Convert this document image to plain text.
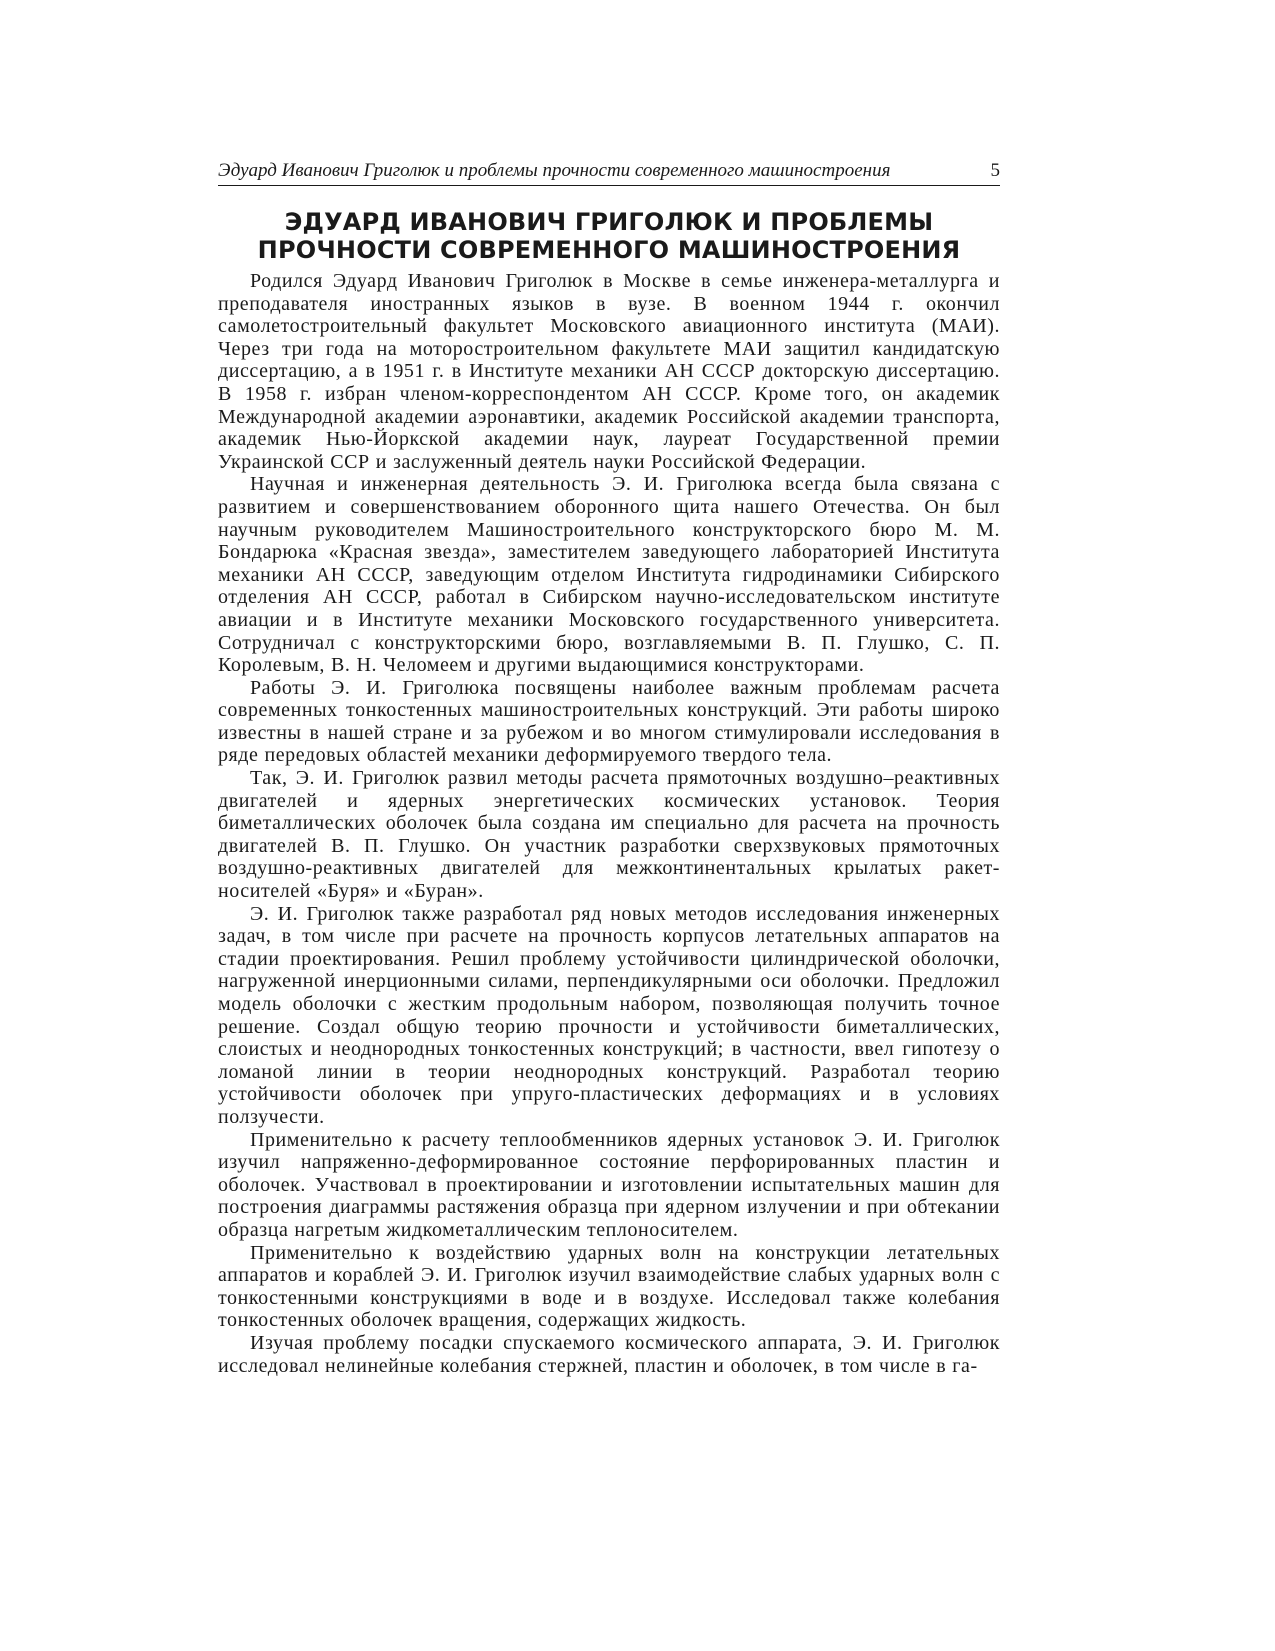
Эдуард Иванович Григолюк и проблемы прочности современного машиностроения	5
ЭДУАРД ИВАНОВИЧ ГРИГОЛЮК И ПРОБЛЕМЫ
ПРОЧНОСТИ СОВРЕМЕННОГО МАШИНОСТРОЕНИЯ

Родился Эдуард Иванович Григолюк в Москве в семье инженера-металлурга и преподавателя иностранных языков в вузе. В военном 1944 г. окончил самолетостроительный факультет Московского авиационного института (МАИ). Через три года на моторостроительном факультете МАИ защитил кандидатскую диссертацию, а в 1951 г. в Институте механики АН СССР докторскую диссертацию. В 1958 г. избран членом-корреспондентом АН СССР. Кроме того, он академик Международной академии аэронавтики, академик Российской академии транспорта, академик Нью-Йоркской академии наук, лауреат Государственной премии Украинской ССР и заслуженный деятель науки Российской Федерации.

Научная и инженерная деятельность Э. И. Григолюка всегда была связана с развитием и совершенствованием оборонного щита нашего Отечества. Он был научным руководителем Машиностроительного конструкторского бюро М. М. Бондарюка «Красная звезда», заместителем заведующего лабораторией Института механики АН СССР, заведующим отделом Института гидродинамики Сибирского отделения АН СССР, работал в Сибирском научно-исследовательском институте авиации и в Институте механики Московского государственного университета. Сотрудничал с конструкторскими бюро, возглавляемыми В. П. Глушко, С. П. Королевым, В. Н. Челомеем и другими выдающимися конструкторами.

Работы Э. И. Григолюка посвящены наиболее важным проблемам расчета современных тонкостенных машиностроительных конструкций. Эти работы широко известны в нашей стране и за рубежом и во многом стимулировали исследования в ряде передовых областей механики деформируемого твердого тела.

Так, Э. И. Григолюк развил методы расчета прямоточных воздушно–реактивных двигателей и ядерных энергетических космических установок. Теория биметаллических оболочек была создана им специально для расчета на прочность двигателей В. П. Глушко. Он участник разработки сверхзвуковых прямоточных воздушно-реактивных двигателей для межконтинентальных крылатых ракет-носителей «Буря» и «Буран».

Э. И. Григолюк также разработал ряд новых методов исследования инженерных задач, в том числе при расчете на прочность корпусов летательных аппаратов на стадии проектирования. Решил проблему устойчивости цилиндрической оболочки, нагруженной инерционными силами, перпендикулярными оси оболочки. Предложил модель оболочки с жестким продольным набором, позволяющая получить точное решение. Создал общую теорию прочности и устойчивости биметаллических, слоистых и неоднородных тонкостенных конструкций; в частности, ввел гипотезу о ломаной линии в теории неоднородных конструкций. Разработал теорию устойчивости оболочек при упруго-пластических деформациях и в условиях ползучести.

Применительно к расчету теплообменников ядерных установок Э. И. Григолюк изучил напряженно-деформированное состояние перфорированных пластин и оболочек. Участвовал в проектировании и изготовлении испытательных машин для построения диаграммы растяжения образца при ядерном излучении и при обтекании образца нагретым жидкометаллическим теплоносителем.

Применительно к воздействию ударных волн на конструкции летательных аппаратов и кораблей Э. И. Григолюк изучил взаимодействие слабых ударных волн с тонкостенными конструкциями в воде и в воздухе. Исследовал также колебания тонкостенных оболочек вращения, содержащих жидкость.

Изучая проблему посадки спускаемого космического аппарата, Э. И. Григолюк исследовал нелинейные колебания стержней, пластин и оболочек, в том числе в га-
